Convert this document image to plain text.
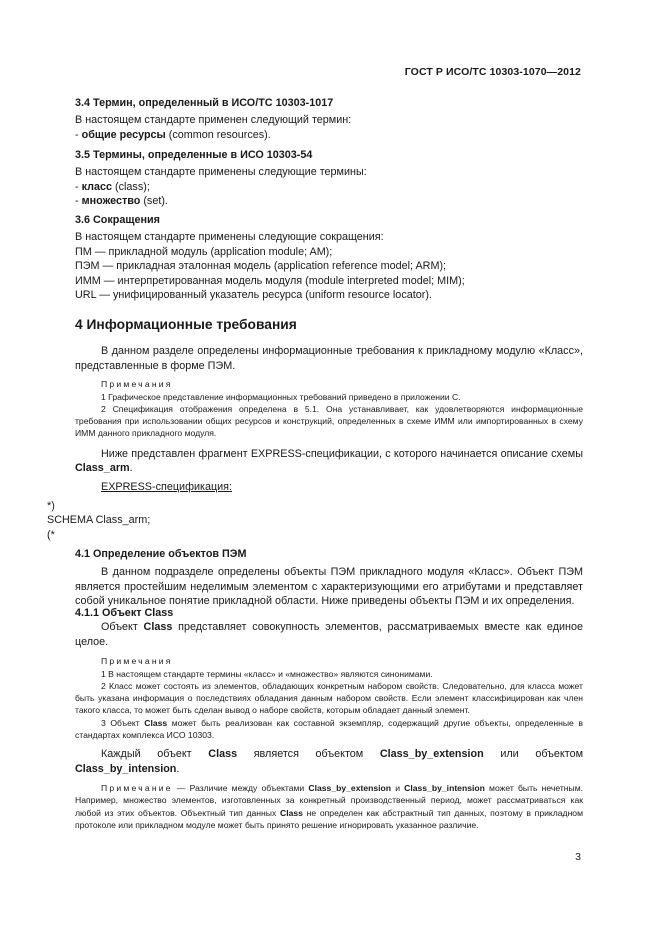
ГОСТ Р ИСО/ТС 10303-1070—2012
3.4 Термин, определенный в ИСО/ТС 10303-1017
В настоящем стандарте применен следующий термин:
- общие ресурсы (common resources).
3.5 Термины, определенные в ИСО 10303-54
В настоящем стандарте применены следующие термины:
- класс (class);
- множество (set).
3.6 Сокращения
В настоящем стандарте применены следующие сокращения:
ПМ — прикладной модуль (application module; AM);
ПЭМ — прикладная эталонная модель (application reference model; ARM);
ИММ — интерпретированная модель модуля (module interpreted model; MIM);
URL — унифицированный указатель ресурса (uniform resource locator).
4 Информационные требования
В данном разделе определены информационные требования к прикладному модулю «Класс», представленные в форме ПЭМ.
Примечания
1 Графическое представление информационных требований приведено в приложении С.
2 Спецификация отображения определена в 5.1. Она устанавливает, как удовлетворяются информационные требования при использовании общих ресурсов и конструкций, определенных в схеме ИММ или импортированных в схему ИММ данного прикладного модуля.
Ниже представлен фрагмент EXPRESS-спецификации, с которого начинается описание схемы Class_arm.
EXPRESS-спецификация:
*)
SCHEMA Class_arm;
(*
4.1 Определение объектов ПЭМ
В данном подразделе определены объекты ПЭМ прикладного модуля «Класс». Объект ПЭМ является простейшим неделимым элементом с характеризующими его атрибутами и представляет собой уникальное понятие прикладной области. Ниже приведены объекты ПЭМ и их определения.
4.1.1 Объект Class
Объект Class представляет совокупность элементов, рассматриваемых вместе как единое целое.
Примечания
1 В настоящем стандарте термины «класс» и «множество» являются синонимами.
2 Класс может состоять из элементов, обладающих конкретным набором свойств. Следовательно, для класса может быть указана информация о последствиях обладания данным набором свойств. Если элемент классифицирован как член такого класса, то может быть сделан вывод о наборе свойств, которым обладает данный элемент.
3 Объект Class может быть реализован как составной экземпляр, содержащий другие объекты, определенные в стандартах комплекса ИСО 10303.
Каждый объект Class является объектом Class_by_extension или объектом Class_by_intension.
Примечание — Различие между объектами Class_by_extension и Class_by_intension может быть нечетным. Например, множество элементов, изготовленных за конкретный производственный период, может рассматриваться как любой из этих объектов. Объектный тип данных Class не определен как абстрактный тип данных, поэтому в прикладном протоколе или прикладном модуле может быть принято решение игнорировать указанное различие.
3
